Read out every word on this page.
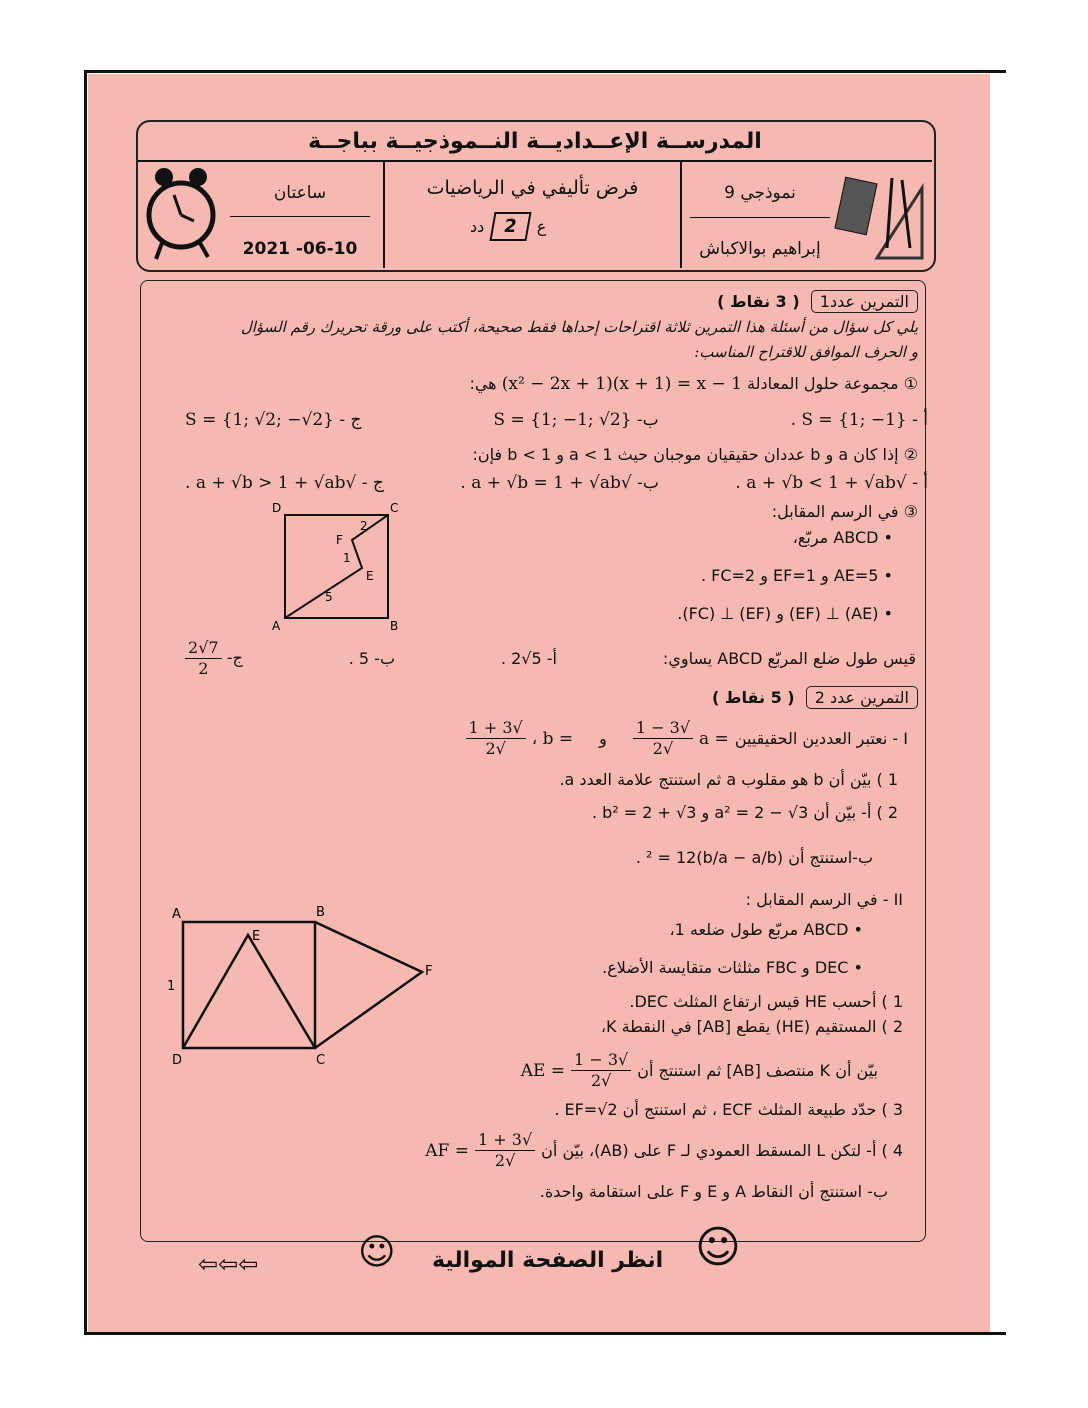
المدرســة الإعــداديــة النــموذجيــة بباجــة
ساعتان
2021 -06-10
فرض تأليفي في الرياضيات
دد	2	ع
9 نموذجي
إبراهيم بوالاكباش
التمرين عدد1 ( 3 نقاط )
يلي كل سؤال من أسئلة هذا التمرين ثلاثة اقتراحات إحداها فقط صحيحة، أكتب على ورقة تحريرك رقم السؤال
و الحرف الموافق للاقتراح المناسب:
① مجموعة حلول المعادلة (x² − 2x + 1)(x + 1) = x − 1 هي:
أ - S = {1; −1} .
ب- S = {1; −1; √2}
ج - S = {1; √2; −√2}
② إذا كان a و b عددان حقيقيان موجبان حيث a < 1 و b < 1 فإن:
أ - √a + √b < 1 + √ab .
ب- √a + √b = 1 + √ab .
ج - √a + √b > 1 + √ab .
③ في الرسم المقابل:
• ABCD مربّع،
• AE=5 و EF=1 و FC=2 .
• (AE) ⊥ (EF) و (EF) ⊥ (FC).
قيس طول ضلع المربّع ABCD يساوي:
أ- 5√2 .
ب- 5 .
ج-
$\frac{7√2}{2}$
D	C
A	B
F
E
5
1
2
التمرين عدد 2 ( 5 نقاط )
I - نعتبر العددين الحقيقيين
a =
$\frac{√3 - 1}{√2}$
و
، b =
$\frac{√3 + 1}{√2}$
1 ) بيّن أن b هو مقلوب a ثم استنتج علامة العدد a.
2 ) أ- بيّن أن a² = 2 − √3 و b² = 2 + √3 .
ب-استنتج أن (b/a − a/b)² = 12 .
II - في الرسم المقابل :
• ABCD مربّع طول ضلعه 1،
• DEC و FBC مثلثات متقايسة الأضلاع.
1 ) أحسب HE قيس ارتفاع المثلث DEC.
2 ) المستقيم (HE) يقطع [AB] في النقطة K،
بيّن أن K منتصف [AB] ثم استنتج أن
$\frac{√3 - 1}{√2}$
AE =
3 ) حدّد طبيعة المثلث ECF ، ثم استنتج أن EF=√2 .
4 ) أ- لتكن L المسقط العمودي لـ F على (AB)، بيّن أن
$\frac{√3 + 1}{√2}$
AF =
ب- استنتج أن النقاط A و E و F على استقامة واحدة.
A	B
C
D
E
F
1
⇦⇦⇦	☺ انظر الصفحة الموالية ☺
